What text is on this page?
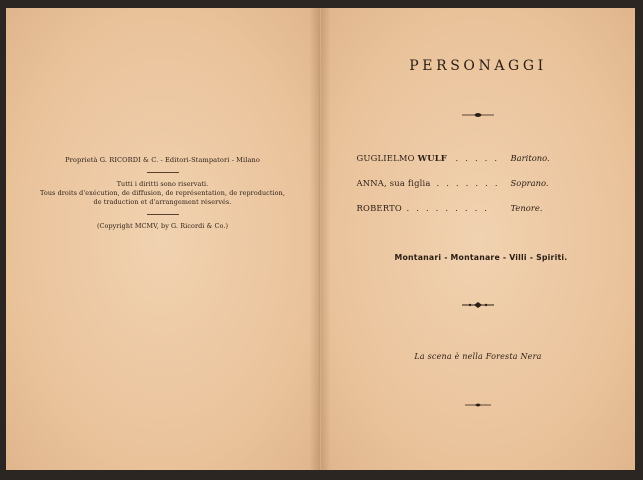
Proprietà G. RICORDI & C. - Editori-Stampatori - Milano
Tutti i diritti sono riservati.
Tous droits d'exécution, de diffusion, de représentation, de reproduction,
de traduction et d'arrangement réservés.
(Copyright MCMV, by G. Ricordi & Co.)
PERSONAGGI
GUGLIELMO WULF . . . . . Baritono.
ANNA, sua figlia . . . . . . . Soprano.
ROBERTO . . . . . . . . .	Tenore.
Montanari - Montanare - Villi - Spiriti.
La scena è nella Foresta Nera
